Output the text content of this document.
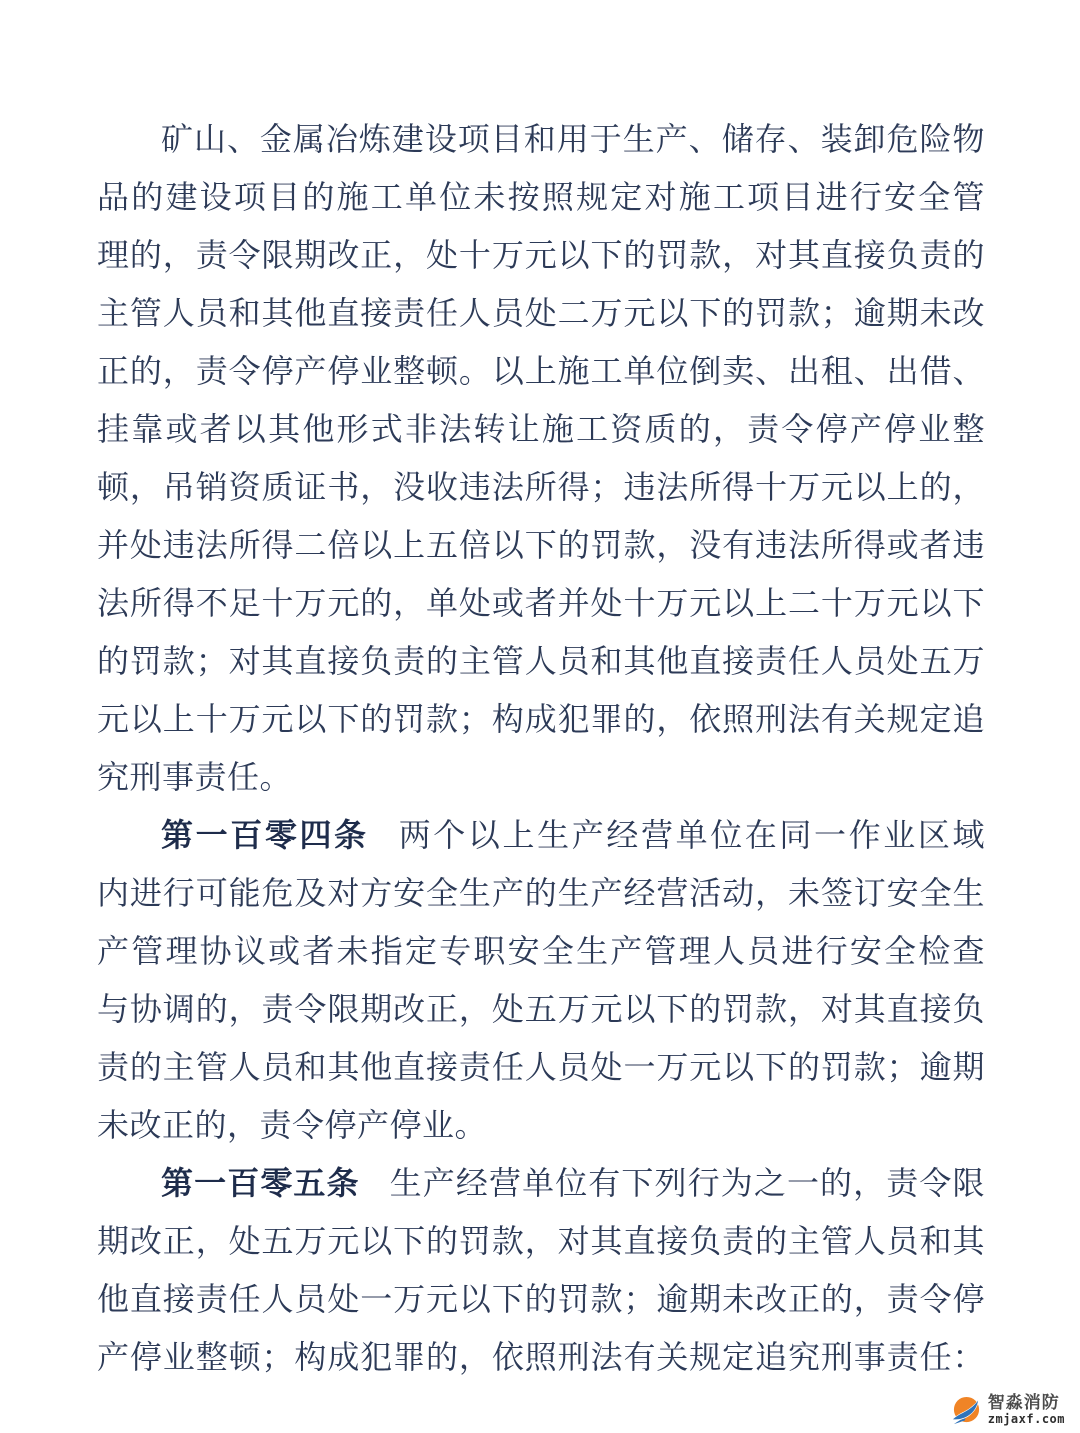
矿山、金属冶炼建设项目和用于生产、储存、装卸危险物
品的建设项目的施工单位未按照规定对施工项目进行安全管
理的，责令限期改正，处十万元以下的罚款，对其直接负责的
主管人员和其他直接责任人员处二万元以下的罚款；逾期未改
正的，责令停产停业整顿。以上施工单位倒卖、出租、出借、
挂靠或者以其他形式非法转让施工资质的，责令停产停业整
顿，吊销资质证书，没收违法所得；违法所得十万元以上的，
并处违法所得二倍以上五倍以下的罚款，没有违法所得或者违
法所得不足十万元的，单处或者并处十万元以上二十万元以下
的罚款；对其直接负责的主管人员和其他直接责任人员处五万
元以上十万元以下的罚款；构成犯罪的，依照刑法有关规定追
究刑事责任。
第一百零四条 两个以上生产经营单位在同一作业区域
内进行可能危及对方安全生产的生产经营活动，未签订安全生
产管理协议或者未指定专职安全生产管理人员进行安全检查
与协调的，责令限期改正，处五万元以下的罚款，对其直接负
责的主管人员和其他直接责任人员处一万元以下的罚款；逾期
未改正的，责令停产停业。
第一百零五条 生产经营单位有下列行为之一的，责令限
期改正，处五万元以下的罚款，对其直接负责的主管人员和其
他直接责任人员处一万元以下的罚款；逾期未改正的，责令停
产停业整顿；构成犯罪的，依照刑法有关规定追究刑事责任：
智淼消防
zmjaxf.com
